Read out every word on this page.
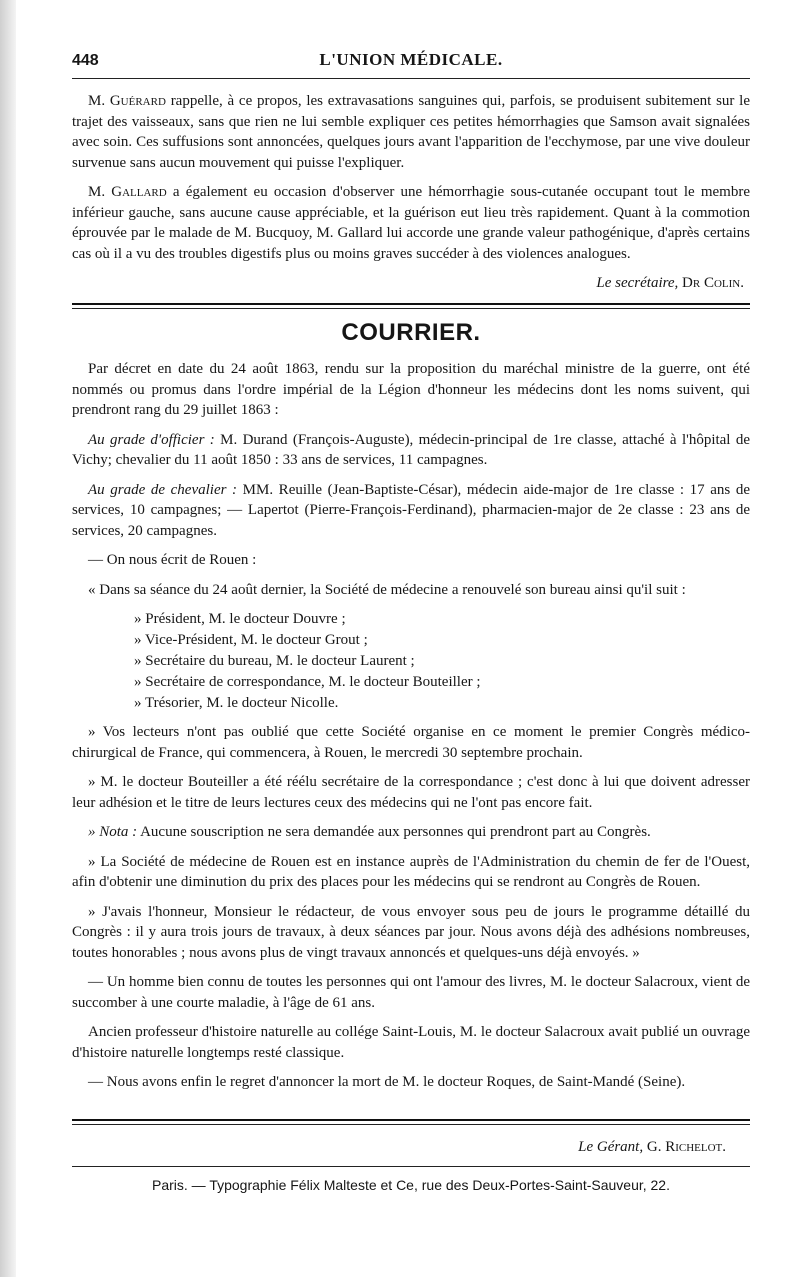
448	L'UNION MÉDICALE.

M. Guérard rappelle, à ce propos, les extravasations sanguines qui, parfois, se produisent subitement sur le trajet des vaisseaux, sans que rien ne lui semble expliquer ces petites hémorrhagies que Samson avait signalées avec soin. Ces suffusions sont annoncées, quelques jours avant l'apparition de l'ecchymose, par une vive douleur survenue sans aucun mouvement qui puisse l'expliquer.

M. Gallard a également eu occasion d'observer une hémorrhagie sous-cutanée occupant tout le membre inférieur gauche, sans aucune cause appréciable, et la guérison eut lieu très rapidement. Quant à la commotion éprouvée par le malade de M. Bucquoy, M. Gallard lui accorde une grande valeur pathogénique, d'après certains cas où il a vu des troubles digestifs plus ou moins graves succéder à des violences analogues.

Le secrétaire, Dr Colin.
COURRIER.

Par décret en date du 24 août 1863, rendu sur la proposition du maréchal ministre de la guerre, ont été nommés ou promus dans l'ordre impérial de la Légion d'honneur les médecins dont les noms suivent, qui prendront rang du 29 juillet 1863 :

Au grade d'officier : M. Durand (François-Auguste), médecin-principal de 1re classe, attaché à l'hôpital de Vichy; chevalier du 11 août 1850 : 33 ans de services, 11 campagnes.

Au grade de chevalier : MM. Reuille (Jean-Baptiste-César), médecin aide-major de 1re classe : 17 ans de services, 10 campagnes; — Lapertot (Pierre-François-Ferdinand), pharmacien-major de 2e classe : 23 ans de services, 20 campagnes.

— On nous écrit de Rouen :

« Dans sa séance du 24 août dernier, la Société de médecine a renouvelé son bureau ainsi qu'il suit :

» Président, M. le docteur Douvre ;
» Vice-Président, M. le docteur Grout ;
» Secrétaire du bureau, M. le docteur Laurent ;
» Secrétaire de correspondance, M. le docteur Bouteiller ;
» Trésorier, M. le docteur Nicolle.

» Vos lecteurs n'ont pas oublié que cette Société organise en ce moment le premier Congrès médico-chirurgical de France, qui commencera, à Rouen, le mercredi 30 septembre prochain.

» M. le docteur Bouteiller a été réélu secrétaire de la correspondance ; c'est donc à lui que doivent adresser leur adhésion et le titre de leurs lectures ceux des médecins qui ne l'ont pas encore fait.

» Nota : Aucune souscription ne sera demandée aux personnes qui prendront part au Congrès.

» La Société de médecine de Rouen est en instance auprès de l'Administration du chemin de fer de l'Ouest, afin d'obtenir une diminution du prix des places pour les médecins qui se rendront au Congrès de Rouen.

» J'avais l'honneur, Monsieur le rédacteur, de vous envoyer sous peu de jours le programme détaillé du Congrès : il y aura trois jours de travaux, à deux séances par jour. Nous avons déjà des adhésions nombreuses, toutes honorables ; nous avons plus de vingt travaux annoncés et quelques-uns déjà envoyés. »

— Un homme bien connu de toutes les personnes qui ont l'amour des livres, M. le docteur Salacroux, vient de succomber à une courte maladie, à l'âge de 61 ans.

Ancien professeur d'histoire naturelle au collége Saint-Louis, M. le docteur Salacroux avait publié un ouvrage d'histoire naturelle longtemps resté classique.

— Nous avons enfin le regret d'annoncer la mort de M. le docteur Roques, de Saint-Mandé (Seine).

Le Gérant, G. Richelot.
Paris. — Typographie Félix Malteste et Ce, rue des Deux-Portes-Saint-Sauveur, 22.
